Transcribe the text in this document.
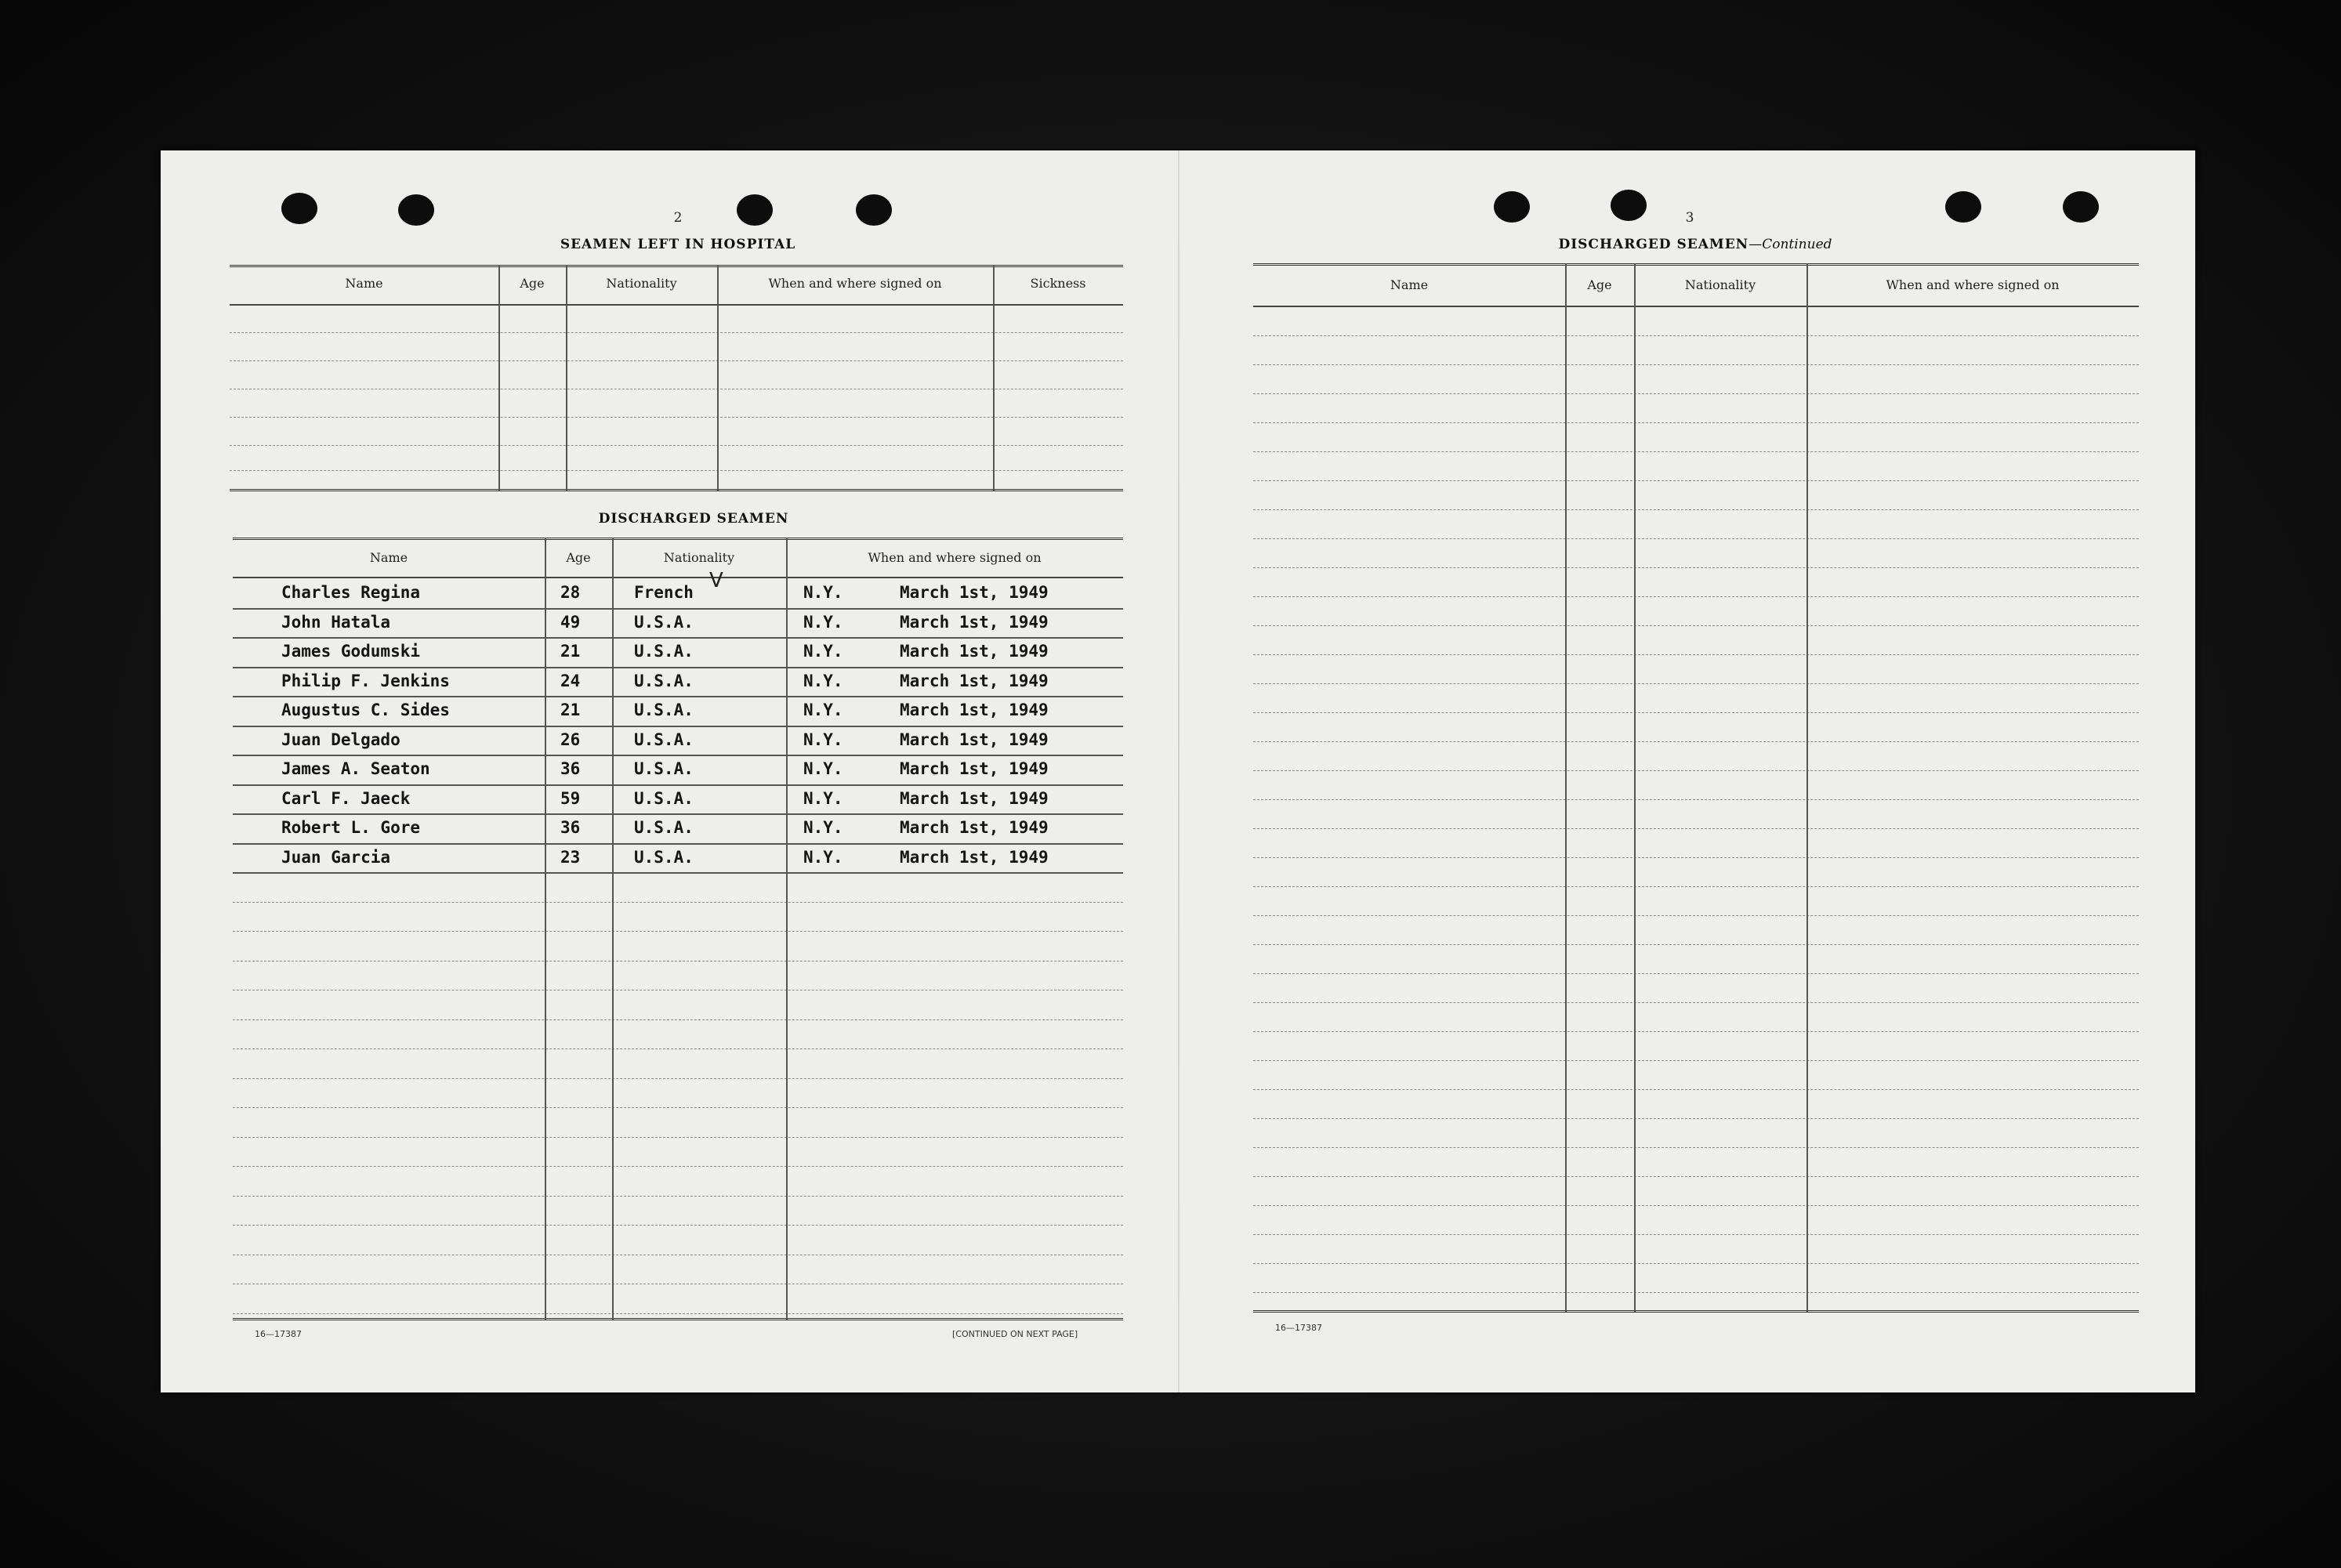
2
SEAMEN LEFT IN HOSPITAL
Name	Age	Nationality	When and where signed on	Sickness
DISCHARGED SEAMEN
Name	Age	Nationality	When and where signed on
Charles Regina	28	French	N.Y.	March 1st, 1949
John Hatala	49	U.S.A.	N.Y.	March 1st, 1949
James Godumski	21	U.S.A.	N.Y.	March 1st, 1949
Philip F. Jenkins	24	U.S.A.	N.Y.	March 1st, 1949
Augustus C. Sides	21	U.S.A.	N.Y.	March 1st, 1949
Juan Delgado	26	U.S.A.	N.Y.	March 1st, 1949
James A. Seaton	36	U.S.A.	N.Y.	March 1st, 1949
Carl F. Jaeck	59	U.S.A.	N.Y.	March 1st, 1949
Robert L. Gore	36	U.S.A.	N.Y.	March 1st, 1949
Juan Garcia	23	U.S.A.	N.Y.	March 1st, 1949
V
16—17387	[CONTINUED ON NEXT PAGE]
3
DISCHARGED SEAMEN—Continued
Name	Age	Nationality	When and where signed on
16—17387
